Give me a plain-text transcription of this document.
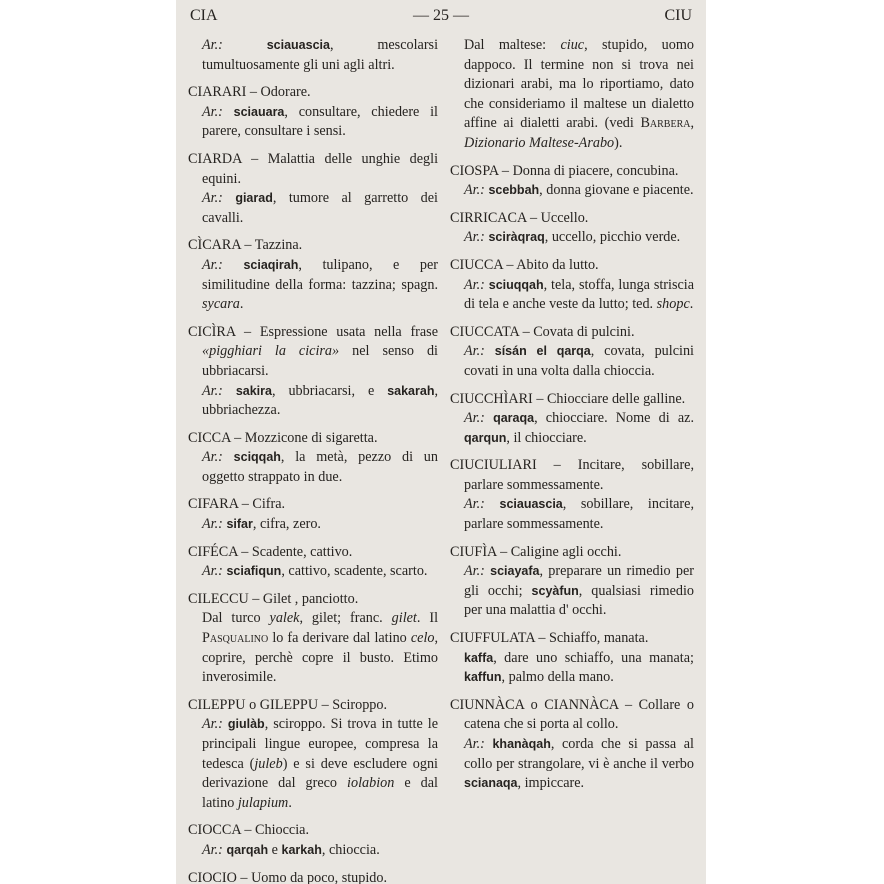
CIA	— 25 —	CIU

Ar.:	sciauascia, mescolarsi tumultuosamente gli uni agli altri.

CIARARI – Odorare.

Ar.: sciauara, consultare, chiedere il parere, consultare i sensi.

CIARDA – Malattia delle unghie degli equini.

Ar.: giarad, tumore al garretto dei cavalli.

CÌCARA – Tazzina.

Ar.: sciaqirah, tulipano, e per similitudine della forma: tazzina; spagn. sycara.

CICÌRA – Espressione usata nella frase «pigghiari la cicira» nel senso di ubbriacarsi.

Ar.: sakira, ubbriacarsi, e sakarah, ubbriachezza.

CICCA – Mozzicone di sigaretta.

Ar.: sciqqah, la metà, pezzo di un oggetto strappato in due.

CIFARA – Cifra.

Ar.: sifar, cifra, zero.

CIFÉCA – Scadente, cattivo.

Ar.: sciafiqun, cattivo, scadente, scarto.

CILECCU – Gilet , panciotto.

Dal turco yalek, gilet; franc. gilet. Il Pasqualino lo fa derivare dal latino celo, coprire, perchè copre il busto. Etimo inverosimile.

CILEPPU o GILEPPU – Sciroppo.

Ar.: giulàb, sciroppo. Si trova in tutte le principali lingue europee, compresa la tedesca (juleb) e si deve escludere ogni derivazione dal greco iolabion e dal latino julapium.

CIOCCA – Chioccia.

Ar.: qarqah e karkah, chioccia.

CIOCIO – Uomo da poco, stupido.

Dal maltese: ciuc, stupido, uomo dappoco. Il termine non si trova nei dizionari arabi, ma lo riportiamo, dato che consideriamo il maltese un dialetto affine ai dialetti arabi. (vedi Barbera, Dizionario Maltese-Arabo).

CIOSPA – Donna di piacere, concubina.

Ar.: scebbah, donna giovane e piacente.

CIRRICACA – Uccello.

Ar.: sciràqraq, uccello, picchio verde.

CIUCCA – Abito da lutto.

Ar.: sciuqqah, tela, stoffa, lunga striscia di tela e anche veste da lutto; ted. shopc.

CIUCCATA – Covata di pulcini.

Ar.: sísán el qarqa, covata, pulcini covati in una volta dalla chioccia.

CIUCCHÌARI – Chiocciare delle galline.

Ar.: qaraqa, chiocciare. Nome di az. qarqun, il chiocciare.

CIUCIULIARI – Incitare, sobillare, parlare sommessamente.

Ar.: sciauascia, sobillare, incitare, parlare sommessamente.

CIUFÌA – Caligine agli occhi.

Ar.: sciayafa, preparare un rimedio per gli occhi; scyàfun, qualsiasi rimedio per una malattia d' occhi.

CIUFFULATA – Schiaffo, manata.

kaffa, dare uno schiaffo, una manata; kaffun, palmo della mano.

CIUNNÀCA o CIANNÀCA – Collare o catena che si porta al collo.

Ar.: khanàqah, corda che si passa al collo per strangolare, vi è anche il verbo scianaqa, impiccare.
